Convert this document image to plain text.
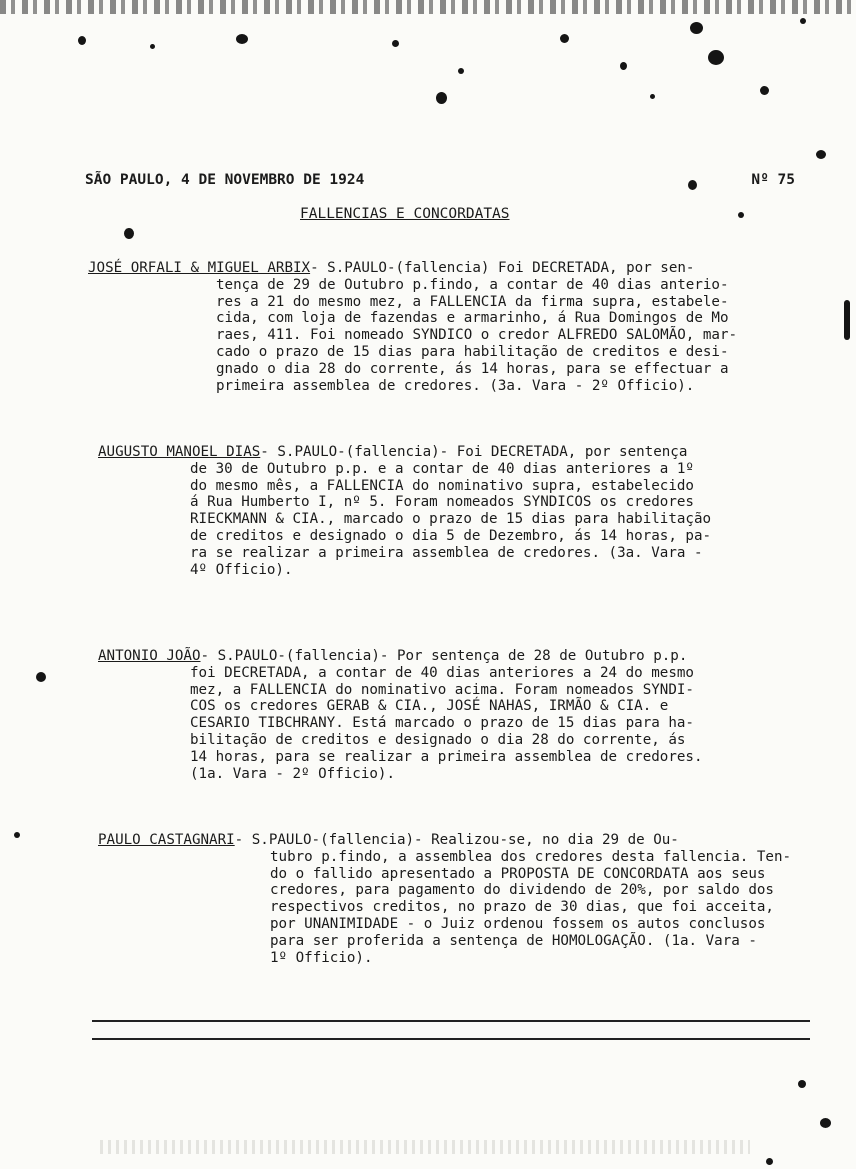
SÃO PAULO, 4 DE NOVEMBRO DE 1924	Nº 75
FALLENCIAS E CONCORDATAS
JOSÉ ORFALI & MIGUEL ARBIX- S.PAULO-(fallencia) Foi DECRETADA, por sen-
tença de 29 de Outubro p.findo, a contar de 40 dias anterio-
res a 21 do mesmo mez, a FALLENCIA da firma supra, estabele-
cida, com loja de fazendas e armarinho, á Rua Domingos de Mo
raes, 411. Foi nomeado SYNDICO o credor ALFREDO SALOMÃO, mar-
cado o prazo de 15 dias para habilitação de creditos e desi-
gnado o dia 28 do corrente, ás 14 horas, para se effectuar a
primeira assemblea de credores. (3a. Vara - 2º Officio).
AUGUSTO MANOEL DIAS- S.PAULO-(fallencia)- Foi DECRETADA, por sentença
de 30 de Outubro p.p. e a contar de 40 dias anteriores a 1º
do mesmo mês, a FALLENCIA do nominativo supra, estabelecido
á Rua Humberto I, nº 5. Foram nomeados SYNDICOS os credores
RIECKMANN & CIA., marcado o prazo de 15 dias para habilitação
de creditos e designado o dia 5 de Dezembro, ás 14 horas, pa-
ra se realizar a primeira assemblea de credores. (3a. Vara -
4º Officio).
ANTONIO JOÃO- S.PAULO-(fallencia)- Por sentença de 28 de Outubro p.p.
foi DECRETADA, a contar de 40 dias anteriores a 24 do mesmo
mez, a FALLENCIA do nominativo acima. Foram nomeados SYNDI-
COS os credores GERAB & CIA., JOSÉ NAHAS, IRMÃO & CIA. e
CESARIO TIBCHRANY. Está marcado o prazo de 15 dias para ha-
bilitação de creditos e designado o dia 28 do corrente, ás
14 horas, para se realizar a primeira assemblea de credores.
(1a. Vara - 2º Officio).
PAULO CASTAGNARI- S.PAULO-(fallencia)- Realizou-se, no dia 29 de Ou-
tubro p.findo, a assemblea dos credores desta fallencia. Ten-
do o fallido apresentado a PROPOSTA DE CONCORDATA aos seus
credores, para pagamento do dividendo de 20%, por saldo dos
respectivos creditos, no prazo de 30 dias, que foi acceita,
por UNANIMIDADE - o Juiz ordenou fossem os autos conclusos
para ser proferida a sentença de HOMOLOGAÇÃO. (1a. Vara -
1º Officio).
